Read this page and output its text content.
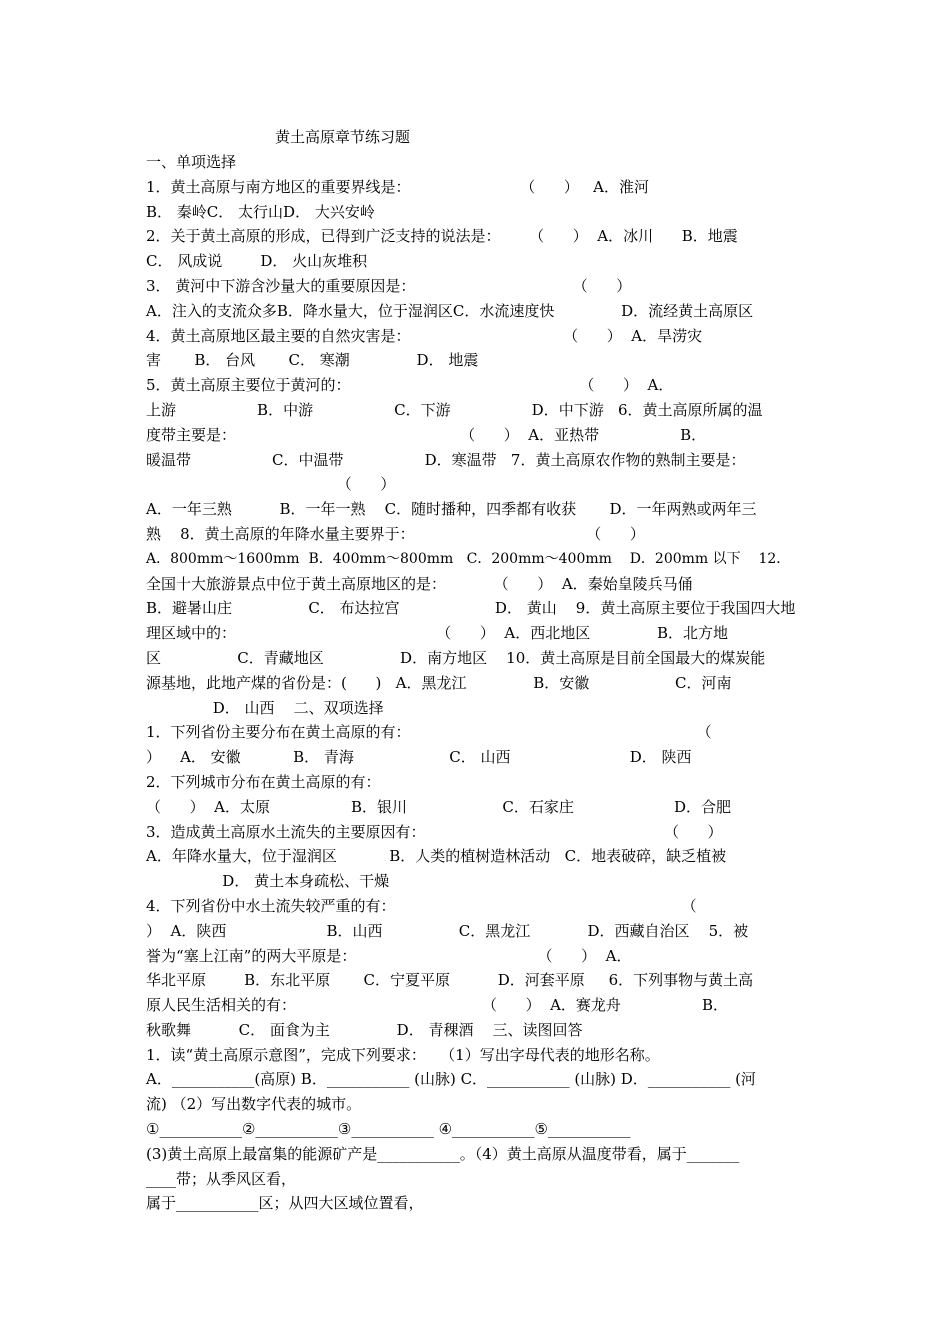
黄土高原章节练习题
一、单项选择
1．黄土高原与南方地区的重要界线是：                       （      ）   A．淮河
B． 秦岭C． 太行山D． 大兴安岭
2．关于黄土高原的形成，已得到广泛支持的说法是：      （      ）  A．冰川      B．地震
C． 风成说        D． 火山灰堆积
3． 黄河中下游含沙量大的重要原因是：                                 （      ）
A．注入的支流众多B．降水量大，位于湿润区C．水流速度快              D．流经黄土高原区
4．黄土高原地区最主要的自然灾害是：                                （      ）  A．旱涝灾
害       B． 台风       C． 寒潮              D． 地震
5．黄土高原主要位于黄河的：                                                （      ）  A．
上游                 B．中游                 C．下游                 D．中下游   6．黄土高原所属的温
度带主要是：                                               （      ）  A．亚热带                 B．
暖温带                 C．中温带                 D．寒温带   7．黄土高原农作物的熟制主要是：
（      ）
A．一年三熟          B．一年一熟    C．随时播种，四季都有收获       D．一年两熟或两年三
熟    8．黄土高原的年降水量主要界于：                                    （      ）
A．800mm～1600mm  B．400mm～800mm   C．200mm～400mm    D．200mm 以下    12．
全国十大旅游景点中位于黄土高原地区的是：          （      ）  A．秦始皇陵兵马俑
B．避暑山庄                C． 布达拉宫                    D． 黄山    9．黄土高原主要位于我国四大地
理区域中的：                                          （      ）  A．西北地区              B．北方地
区                C．青藏地区                D．南方地区    10．黄土高原是目前全国最大的煤炭能
源基地，此地产煤的省份是：(      )   A．黑龙江              B．安徽                  C．河南
D． 山西    二、双项选择
1．下列省份主要分布在黄土高原的有：                                                            （
）    A． 安徽           B． 青海                    C． 山西                         D． 陕西
2．下列城市分布在黄土高原的有：
（      ）  A．太原                 B．银川                    C．石家庄                     D．合肥
3．造成黄土高原水土流失的主要原因有：                                                  （      ）
A．年降水量大，位于湿润区           B．人类的植树造林活动   C．地表破碎，缺乏植被
D． 黄土本身疏松、干燥
4．下列省份中水土流失较严重的有：                                                            （
）  A．陕西                     B．山西                C．黑龙江            D．西藏自治区    5．被
誉为“塞上江南”的两大平原是：                                      （      ）  A．
华北平原        B．东北平原       C．宁夏平原          D．河套平原     6．下列事物与黄土高
原人民生活相关的有：                                       （      ）  A．赛龙舟                 B．
秋歌舞          C． 面食为主              D． 青稞酒    三、读图回答
1．读“黄土高原示意图”，完成下列要求：   （1）写出字母代表的地形名称。
A．___________(高原) B．___________ (山脉) C．___________ (山脉) D．___________ (河
流) （2）写出数字代表的城市。
①___________②___________③___________ ④___________⑤___________
(3)黄土高原上最富集的能源矿产是___________。（4）黄土高原从温度带看，属于_______
____带；从季风区看，
属于___________区；从四大区域位置看，
